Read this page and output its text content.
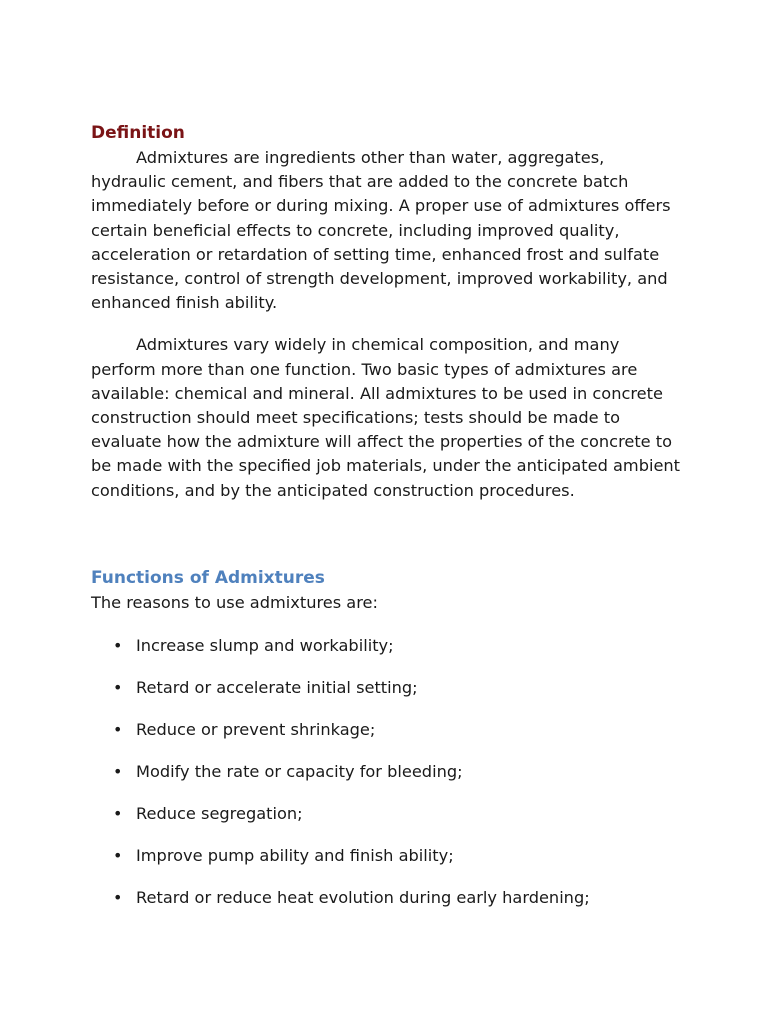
Definition

Admixtures are ingredients other than water, aggregates, hydraulic cement, and fibers that are added to the concrete batch immediately before or during mixing. A proper use of admixtures offers certain beneficial effects to concrete, including improved quality, acceleration or retardation of setting time, enhanced frost and sulfate resistance, control of strength development, improved workability, and enhanced finish ability.

Admixtures vary widely in chemical composition, and many perform more than one function. Two basic types of admixtures are available: chemical and mineral. All admixtures to be used in concrete construction should meet specifications; tests should be made to evaluate how the admixture will affect the properties of the concrete to be made with the specified job materials, under the anticipated ambient conditions, and by the anticipated construction procedures.

Functions of Admixtures

The reasons to use admixtures are:

• Increase slump and workability;
• Retard or accelerate initial setting;
• Reduce or prevent shrinkage;
• Modify the rate or capacity for bleeding;
• Reduce segregation;
• Improve pump ability and finish ability;
• Retard or reduce heat evolution during early hardening;
